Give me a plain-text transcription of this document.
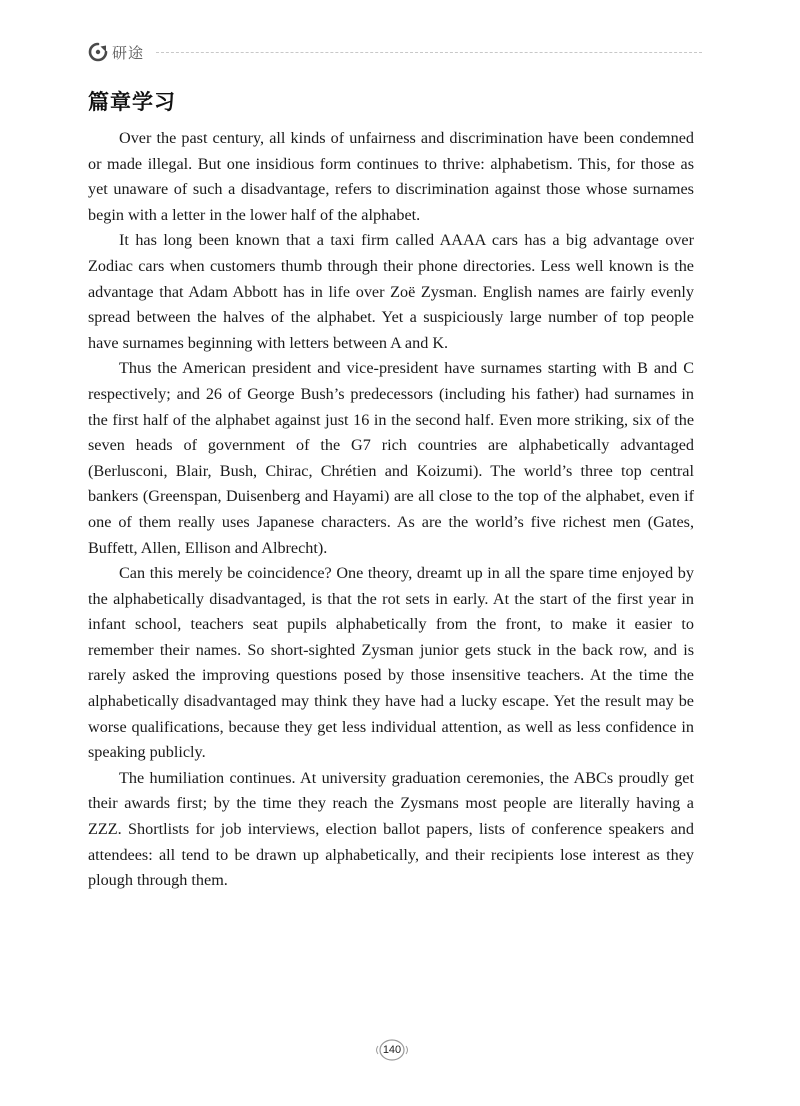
研途
篇章学习

Over the past century, all kinds of unfairness and discrimination have been condemned or made illegal. But one insidious form continues to thrive: alphabetism. This, for those as yet unaware of such a disadvantage, refers to discrimination against those whose surnames begin with a letter in the lower half of the alphabet.

It has long been known that a taxi firm called AAAA cars has a big advantage over Zodiac cars when customers thumb through their phone directories. Less well known is the advantage that Adam Abbott has in life over Zoë Zysman. English names are fairly evenly spread between the halves of the alphabet. Yet a suspiciously large number of top people have surnames beginning with letters between A and K.

Thus the American president and vice-president have surnames starting with B and C respectively; and 26 of George Bush’s predecessors (including his father) had surnames in the first half of the alphabet against just 16 in the second half. Even more striking, six of the seven heads of government of the G7 rich countries are alphabetically advantaged (Berlusconi, Blair, Bush, Chirac, Chrétien and Koizumi). The world’s three top central bankers (Greenspan, Duisenberg and Hayami) are all close to the top of the alphabet, even if one of them really uses Japanese characters. As are the world’s five richest men (Gates, Buffett, Allen, Ellison and Albrecht).

Can this merely be coincidence? One theory, dreamt up in all the spare time enjoyed by the alphabetically disadvantaged, is that the rot sets in early. At the start of the first year in infant school, teachers seat pupils alphabetically from the front, to make it easier to remember their names. So short-sighted Zysman junior gets stuck in the back row, and is rarely asked the improving questions posed by those insensitive teachers. At the time the alphabetically disadvantaged may think they have had a lucky escape. Yet the result may be worse qualifications, because they get less individual attention, as well as less confidence in speaking publicly.

The humiliation continues. At university graduation ceremonies, the ABCs proudly get their awards first; by the time they reach the Zysmans most people are literally having a ZZZ. Shortlists for job interviews, election ballot papers, lists of conference speakers and attendees: all tend to be drawn up alphabetically, and their recipients lose interest as they plough through them.

140
